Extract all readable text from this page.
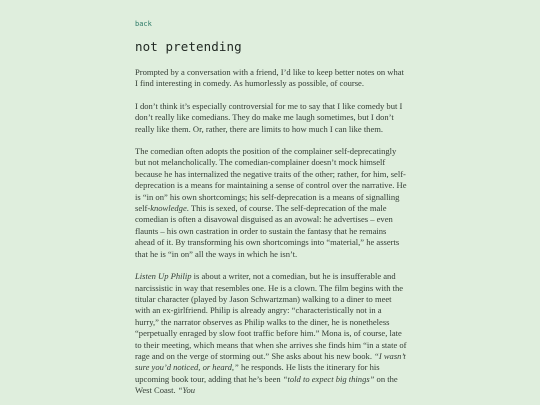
back
not pretending

Prompted by a conversation with a friend, I’d like to keep better notes on what I find interesting in comedy. As humorlessly as possible, of course.

I don’t think it’s especially controversial for me to say that I like comedy but I don’t really like comedians. They do make me laugh sometimes, but I don’t really like them. Or, rather, there are limits to how much I can like them.

The comedian often adopts the position of the complainer self-deprecatingly but not melancholically. The comedian-complainer doesn’t mock himself because he has internalized the negative traits of the other; rather, for him, self-deprecation is a means for maintaining a sense of control over the narrative. He is “in on” his own shortcomings; his self-deprecation is a means of signalling self-knowledge. This is sexed, of course. The self-deprecation of the male comedian is often a disavowal disguised as an avowal: he advertises – even flaunts – his own castration in order to sustain the fantasy that he remains ahead of it. By transforming his own shortcomings into “material,” he asserts that he is “in on” all the ways in which he isn’t.

Listen Up Philip is about a writer, not a comedian, but he is insufferable and narcissistic in way that resembles one. He is a clown. The film begins with the titular character (played by Jason Schwartzman) walking to a diner to meet with an ex-girlfriend. Philip is already angry: “characteristically not in a hurry,” the narrator observes as Philip walks to the diner, he is nonetheless “perpetually enraged by slow foot traffic before him.” Mona is, of course, late to their meeting, which means that when she arrives she finds him “in a state of rage and on the verge of storming out.” She asks about his new book. “I wasn’t sure you’d noticed, or heard,” he responds. He lists the itinerary for his upcoming book tour, adding that he’s been “told to expect big things” on the West Coast. “You
